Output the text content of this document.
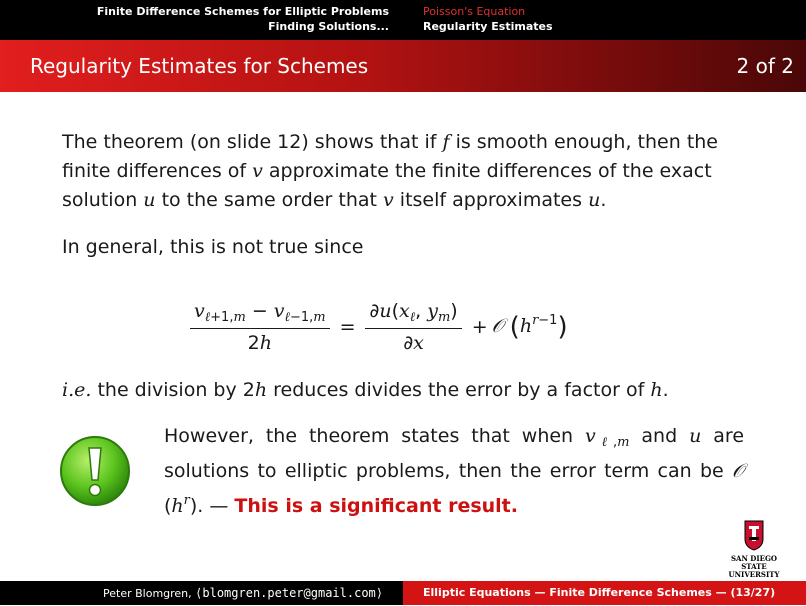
Finite Difference Schemes for Elliptic Problems
Finding Solutions...
Poisson's Equation
Regularity Estimates
Regularity Estimates for Schemes	2 of 2

The theorem (on slide 12) shows that if f is smooth enough, then the finite differences of v approximate the finite differences of the exact solution u to the same order that v itself approximates u.

In general, this is not true since

$\frac{v_{\ell+1,m} - v_{\ell-1,m}}{2h} = \frac{\partial u(x_\ell, y_m)}{\partial x}$ + 𝒪 $(h^{r-1})$
i.e. the division by 2h reduces divides the error by a factor of h.
However, the theorem states that when $v_{\ell,m}$ and u are solutions to elliptic problems, then the error term can be 𝒪 $(h^r)$. — This is a significant result.
SAN DIEGO STATE
UNIVERSITY
Peter Blomgren, ⟨blomgren.peter@gmail.com⟩	Elliptic Equations — Finite Difference Schemes — (13/27)
